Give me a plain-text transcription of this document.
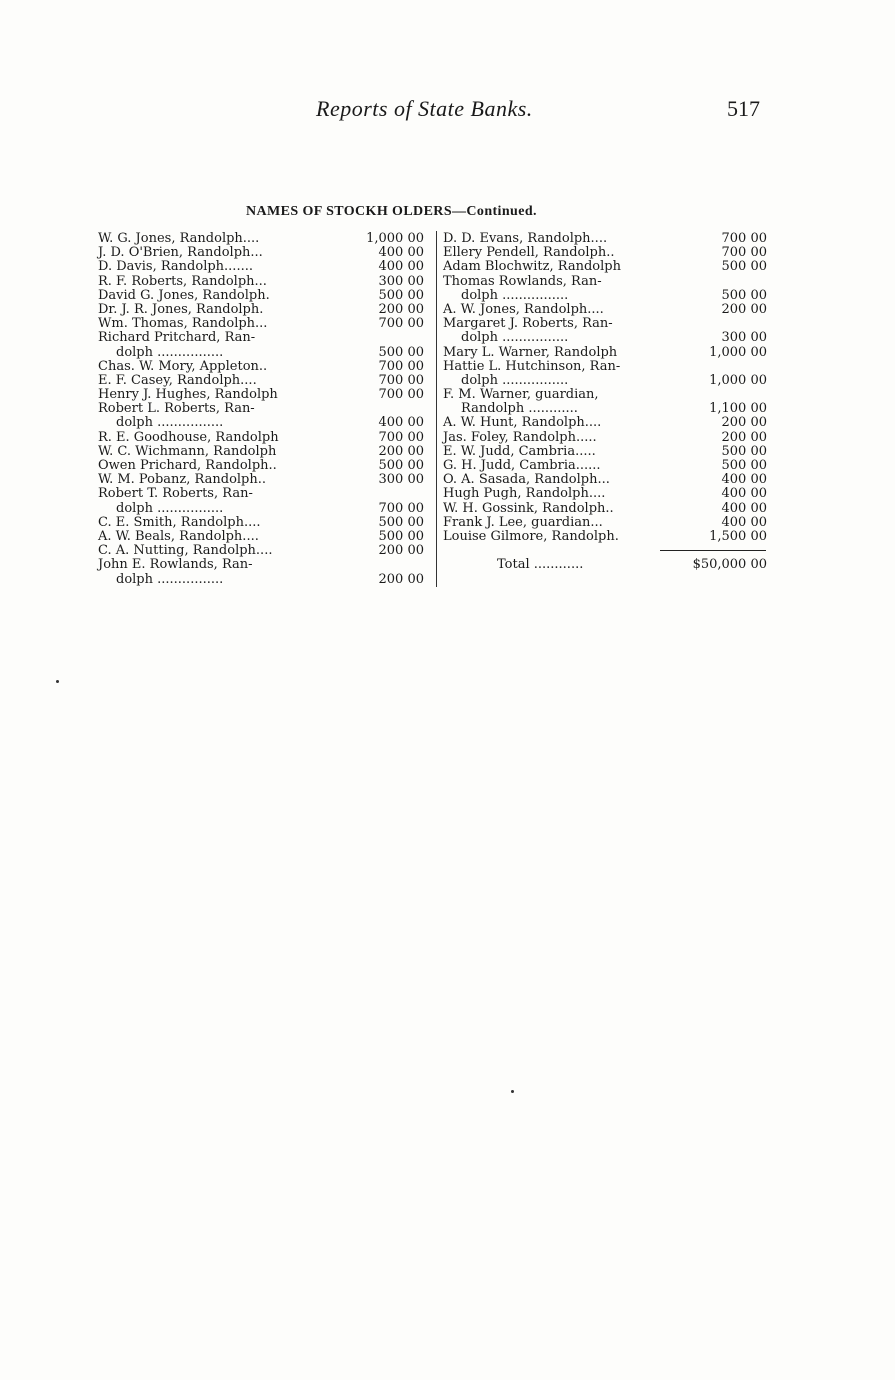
Reports of State Banks.	517
NAMES OF STOCKH OLDERS—Continued.
W. G. Jones, Randolph....	1,000 00
J. D. O'Brien, Randolph...	400 00
D. Davis, Randolph.......	400 00
R. F. Roberts, Randolph...	300 00
David G. Jones, Randolph.	500 00
Dr. J. R. Jones, Randolph.	200 00
Wm. Thomas, Randolph...	700 00
Richard Pritchard, Ran-
dolph ................	500 00
Chas. W. Mory, Appleton..	700 00
E. F. Casey, Randolph....	700 00
Henry J. Hughes, Randolph	700 00
Robert L. Roberts, Ran-
dolph ................	400 00
R. E. Goodhouse, Randolph	700 00
W. C. Wichmann, Randolph	200 00
Owen Prichard, Randolph..	500 00
W. M. Pobanz, Randolph..	300 00
Robert T. Roberts, Ran-
dolph ................	700 00
C. E. Smith, Randolph....	500 00
A. W. Beals, Randolph....	500 00
C. A. Nutting, Randolph....	200 00
John E. Rowlands, Ran-
dolph ................	200 00
D. D. Evans, Randolph....	700 00
Ellery Pendell, Randolph..	700 00
Adam Blochwitz, Randolph	500 00
Thomas Rowlands, Ran-
dolph ................	500 00
A. W. Jones, Randolph....	200 00
Margaret J. Roberts, Ran-
dolph ................	300 00
Mary L. Warner, Randolph	1,000 00
Hattie L. Hutchinson, Ran-
dolph ................	1,000 00
F. M. Warner, guardian,
Randolph ............	1,100 00
A. W. Hunt, Randolph....	200 00
Jas. Foley, Randolph.....	200 00
E. W. Judd, Cambria.....	500 00
G. H. Judd, Cambria......	500 00
O. A. Sasada, Randolph...	400 00
Hugh Pugh, Randolph....	400 00
W. H. Gossink, Randolph..	400 00
Frank J. Lee, guardian...	400 00
Louise Gilmore, Randolph.	1,500 00
Total ............	$50,000 00
